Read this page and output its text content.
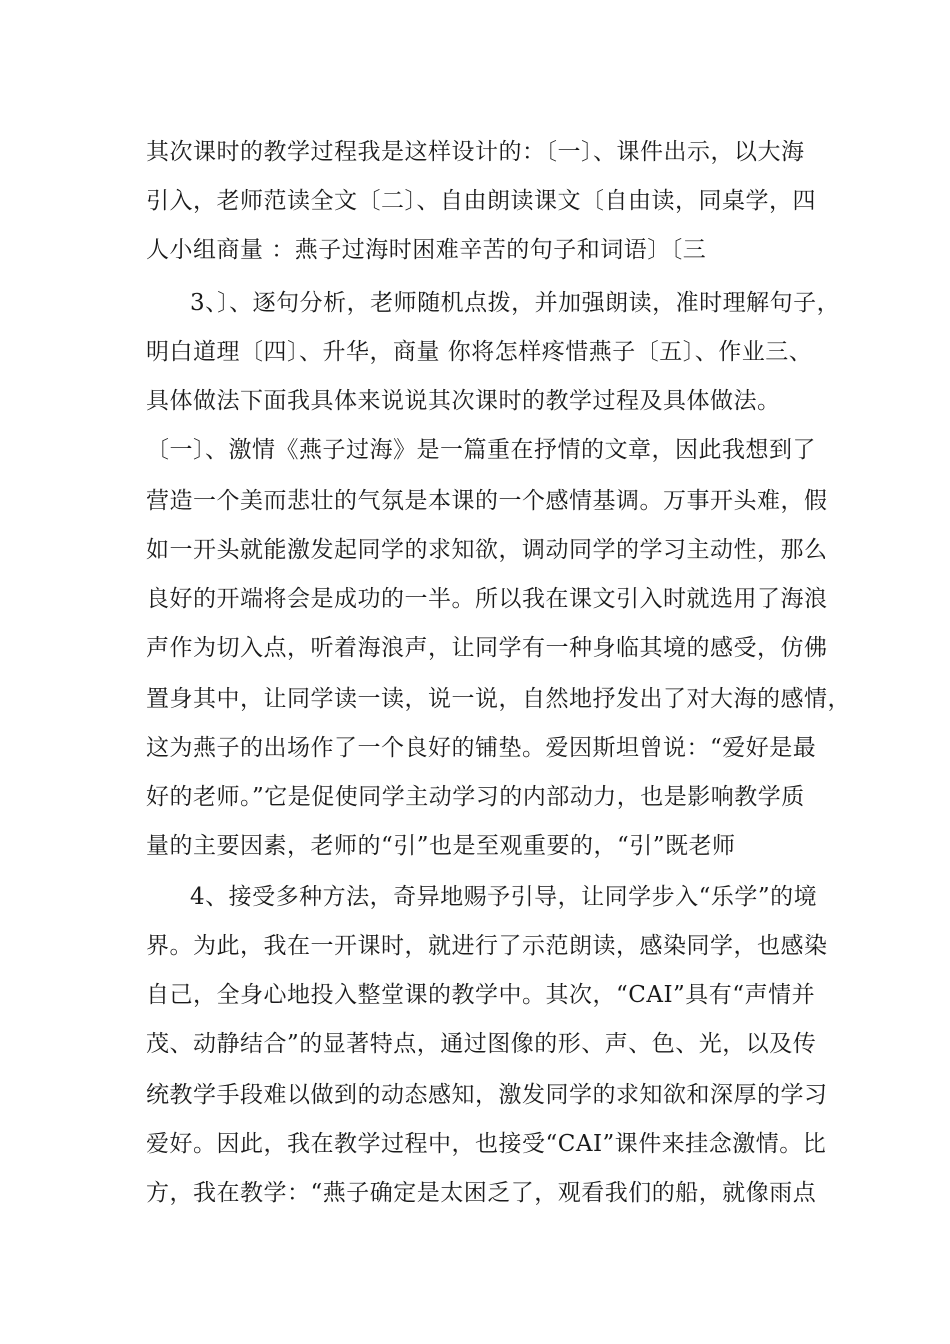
其次课时的教学过程我是这样设计的：〔一〕、课件出示，以大海
引入，老师范读全文〔二〕、自由朗读课文〔自由读，同桌学，四
人小组商量 ：燕子过海时困难辛苦的句子和词语〕〔三
3、〕、逐句分析，老师随机点拨，并加强朗读，准时理解句子，
明白道理〔四〕、升华，商量 你将怎样疼惜燕子〔五〕、作业三、
具体做法下面我具体来说说其次课时的教学过程及具体做法。
〔一〕、激情《燕子过海》是一篇重在抒情的文章，因此我想到了
营造一个美而悲壮的气氛是本课的一个感情基调。万事开头难，假
如一开头就能激发起同学的求知欲，调动同学的学习主动性，那么
良好的开端将会是成功的一半。所以我在课文引入时就选用了海浪
声作为切入点，听着海浪声，让同学有一种身临其境的感受，仿佛
置身其中，让同学读一读，说一说，自然地抒发出了对大海的感情，
这为燕子的出场作了一个良好的铺垫。爱因斯坦曾说：“爱好是最
好的老师。”它是促使同学主动学习的内部动力，也是影响教学质
量的主要因素，老师的“引”也是至观重要的，“引”既老师
4、接受多种方法，奇异地赐予引导，让同学步入“乐学”的境
界。为此，我在一开课时，就进行了示范朗读，感染同学，也感染
自己，全身心地投入整堂课的教学中。其次，“CAI”具有“声情并
茂、动静结合”的显著特点，通过图像的形、声、色、光，以及传
统教学手段难以做到的动态感知，激发同学的求知欲和深厚的学习
爱好。因此，我在教学过程中，也接受“CAI”课件来挂念激情。比
方，我在教学：“燕子确定是太困乏了，观看我们的船，就像雨点
